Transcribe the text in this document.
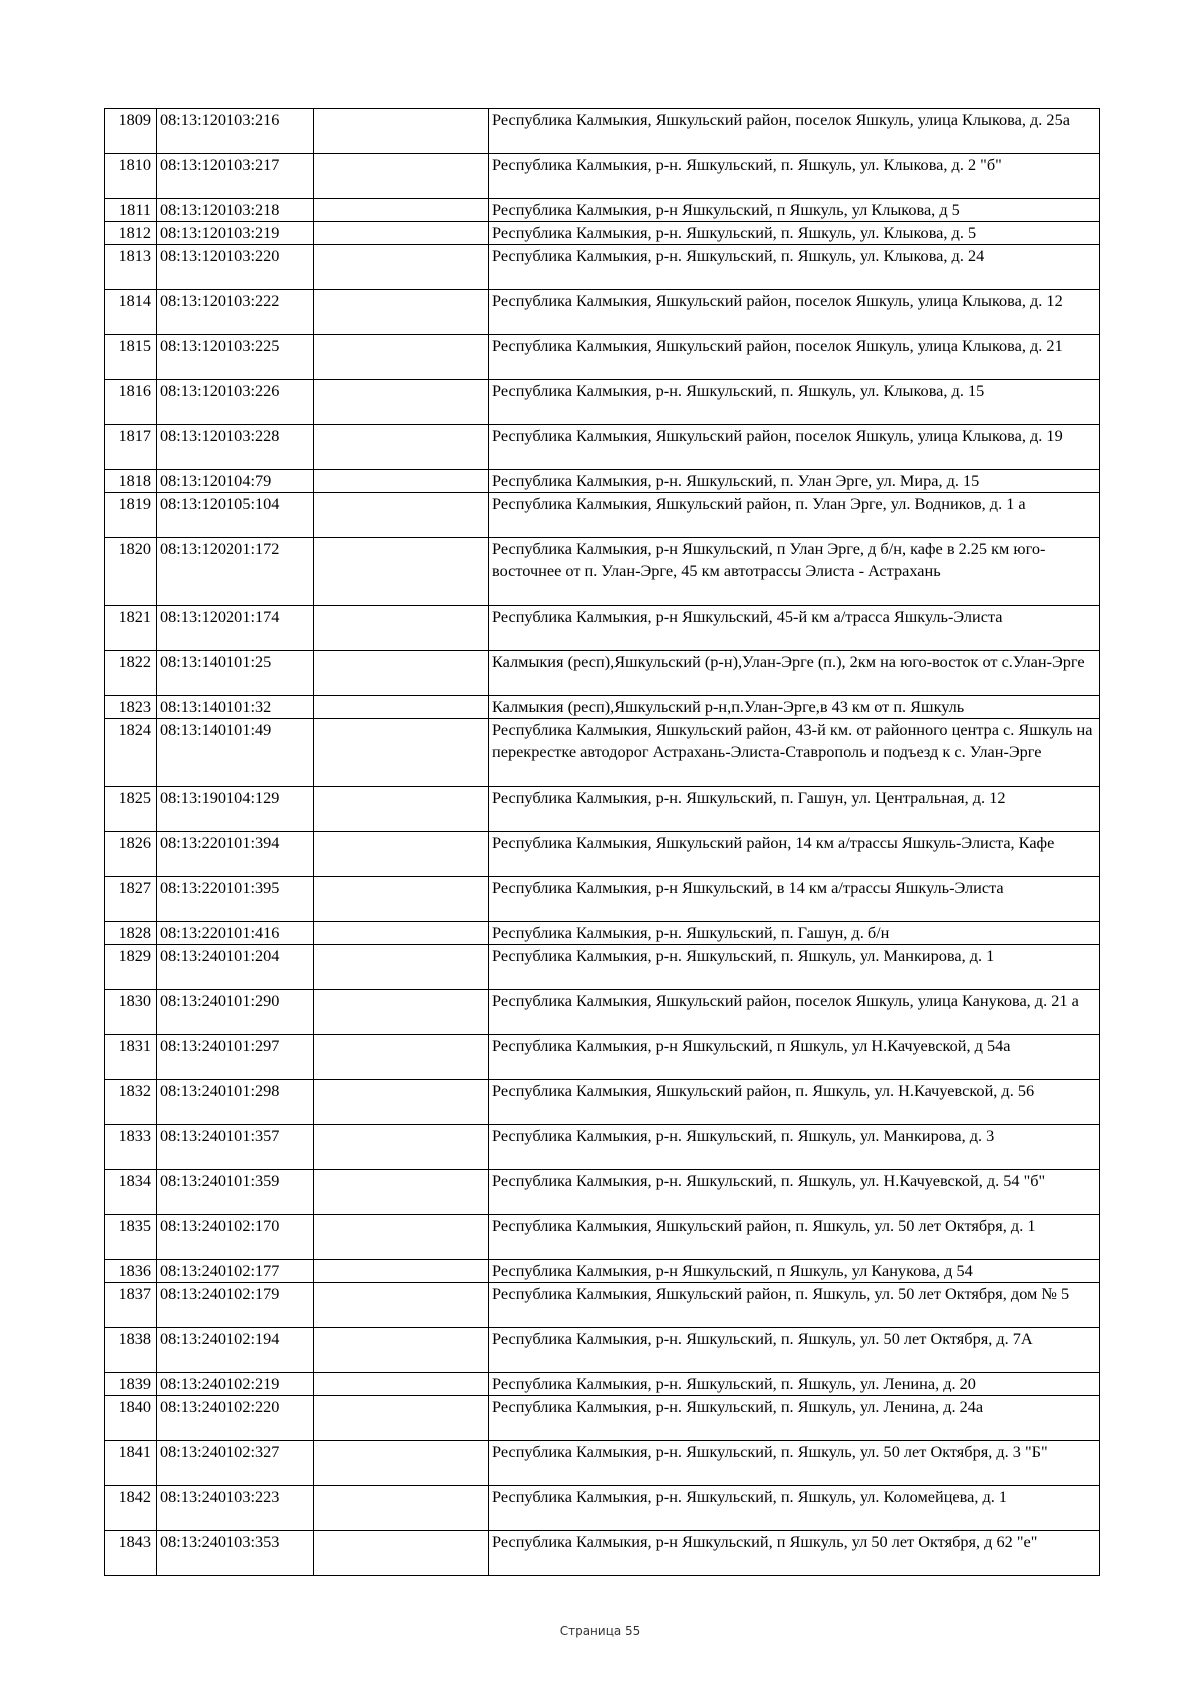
1809	08:13:120103:216		Республика Калмыкия, Яшкульский район, поселок Яшкуль, улица Клыкова, д. 25а
1810	08:13:120103:217		Республика Калмыкия, р-н. Яшкульский, п. Яшкуль, ул. Клыкова, д. 2 "б"
1811	08:13:120103:218		Республика Калмыкия, р-н Яшкульский, п Яшкуль, ул Клыкова, д 5
1812	08:13:120103:219		Республика Калмыкия, р-н. Яшкульский, п. Яшкуль, ул. Клыкова, д. 5
1813	08:13:120103:220		Республика Калмыкия, р-н. Яшкульский, п. Яшкуль, ул. Клыкова, д. 24
1814	08:13:120103:222		Республика Калмыкия, Яшкульский район, поселок Яшкуль, улица Клыкова, д. 12
1815	08:13:120103:225		Республика Калмыкия, Яшкульский район, поселок Яшкуль, улица Клыкова, д. 21
1816	08:13:120103:226		Республика Калмыкия, р-н. Яшкульский, п. Яшкуль, ул. Клыкова, д. 15
1817	08:13:120103:228		Республика Калмыкия, Яшкульский район, поселок Яшкуль, улица Клыкова, д. 19
1818	08:13:120104:79		Республика Калмыкия, р-н. Яшкульский, п. Улан Эрге, ул. Мира, д. 15
1819	08:13:120105:104		Республика Калмыкия, Яшкульский район, п. Улан Эрге, ул. Водников, д. 1 а
1820	08:13:120201:172		Республика Калмыкия, р-н Яшкульский, п Улан Эрге, д б/н, кафе в 2.25 км юго-восточнее от п. Улан-Эрге, 45 км автотрассы Элиста - Астрахань
1821	08:13:120201:174		Республика Калмыкия, р-н Яшкульский, 45-й км а/трасса Яшкуль-Элиста
1822	08:13:140101:25		Калмыкия (респ),Яшкульский (р-н),Улан-Эрге (п.), 2км на юго-восток от с.Улан-Эрге
1823	08:13:140101:32		Калмыкия (респ),Яшкульский р-н,п.Улан-Эрге,в 43 км от п. Яшкуль
1824	08:13:140101:49		Республика Калмыкия, Яшкульский район, 43-й км. от районного центра с. Яшкуль на перекрестке автодорог Астрахань-Элиста-Ставрополь и подъезд к с. Улан-Эрге
1825	08:13:190104:129		Республика Калмыкия, р-н. Яшкульский, п. Гашун, ул. Центральная, д. 12
1826	08:13:220101:394		Республика Калмыкия, Яшкульский район, 14 км а/трассы Яшкуль-Элиста, Кафе
1827	08:13:220101:395		Республика Калмыкия, р-н Яшкульский, в 14 км а/трассы Яшкуль-Элиста
1828	08:13:220101:416		Республика Калмыкия, р-н. Яшкульский, п. Гашун, д. б/н
1829	08:13:240101:204		Республика Калмыкия, р-н. Яшкульский, п. Яшкуль, ул. Манкирова, д. 1
1830	08:13:240101:290		Республика Калмыкия, Яшкульский район, поселок Яшкуль, улица Канукова, д. 21 а
1831	08:13:240101:297		Республика Калмыкия, р-н Яшкульский, п Яшкуль, ул Н.Качуевской, д 54а
1832	08:13:240101:298		Республика Калмыкия, Яшкульский район, п. Яшкуль, ул. Н.Качуевской, д. 56
1833	08:13:240101:357		Республика Калмыкия, р-н. Яшкульский, п. Яшкуль, ул. Манкирова, д. 3
1834	08:13:240101:359		Республика Калмыкия, р-н. Яшкульский, п. Яшкуль, ул. Н.Качуевской, д. 54 "б"
1835	08:13:240102:170		Республика Калмыкия, Яшкульский район, п. Яшкуль, ул. 50 лет Октября, д. 1
1836	08:13:240102:177		Республика Калмыкия, р-н Яшкульский, п Яшкуль, ул Канукова, д 54
1837	08:13:240102:179		Республика Калмыкия, Яшкульский район, п. Яшкуль, ул. 50 лет Октября, дом № 5
1838	08:13:240102:194		Республика Калмыкия, р-н. Яшкульский, п. Яшкуль, ул. 50 лет Октября, д. 7А
1839	08:13:240102:219		Республика Калмыкия, р-н. Яшкульский, п. Яшкуль, ул. Ленина, д. 20
1840	08:13:240102:220		Республика Калмыкия, р-н. Яшкульский, п. Яшкуль, ул. Ленина, д. 24а
1841	08:13:240102:327		Республика Калмыкия, р-н. Яшкульский, п. Яшкуль, ул. 50 лет Октября, д. 3 "Б"
1842	08:13:240103:223		Республика Калмыкия, р-н. Яшкульский, п. Яшкуль, ул. Коломейцева, д. 1
1843	08:13:240103:353		Республика Калмыкия, р-н Яшкульский, п Яшкуль, ул 50 лет Октября, д 62 "е"
Страница 55
